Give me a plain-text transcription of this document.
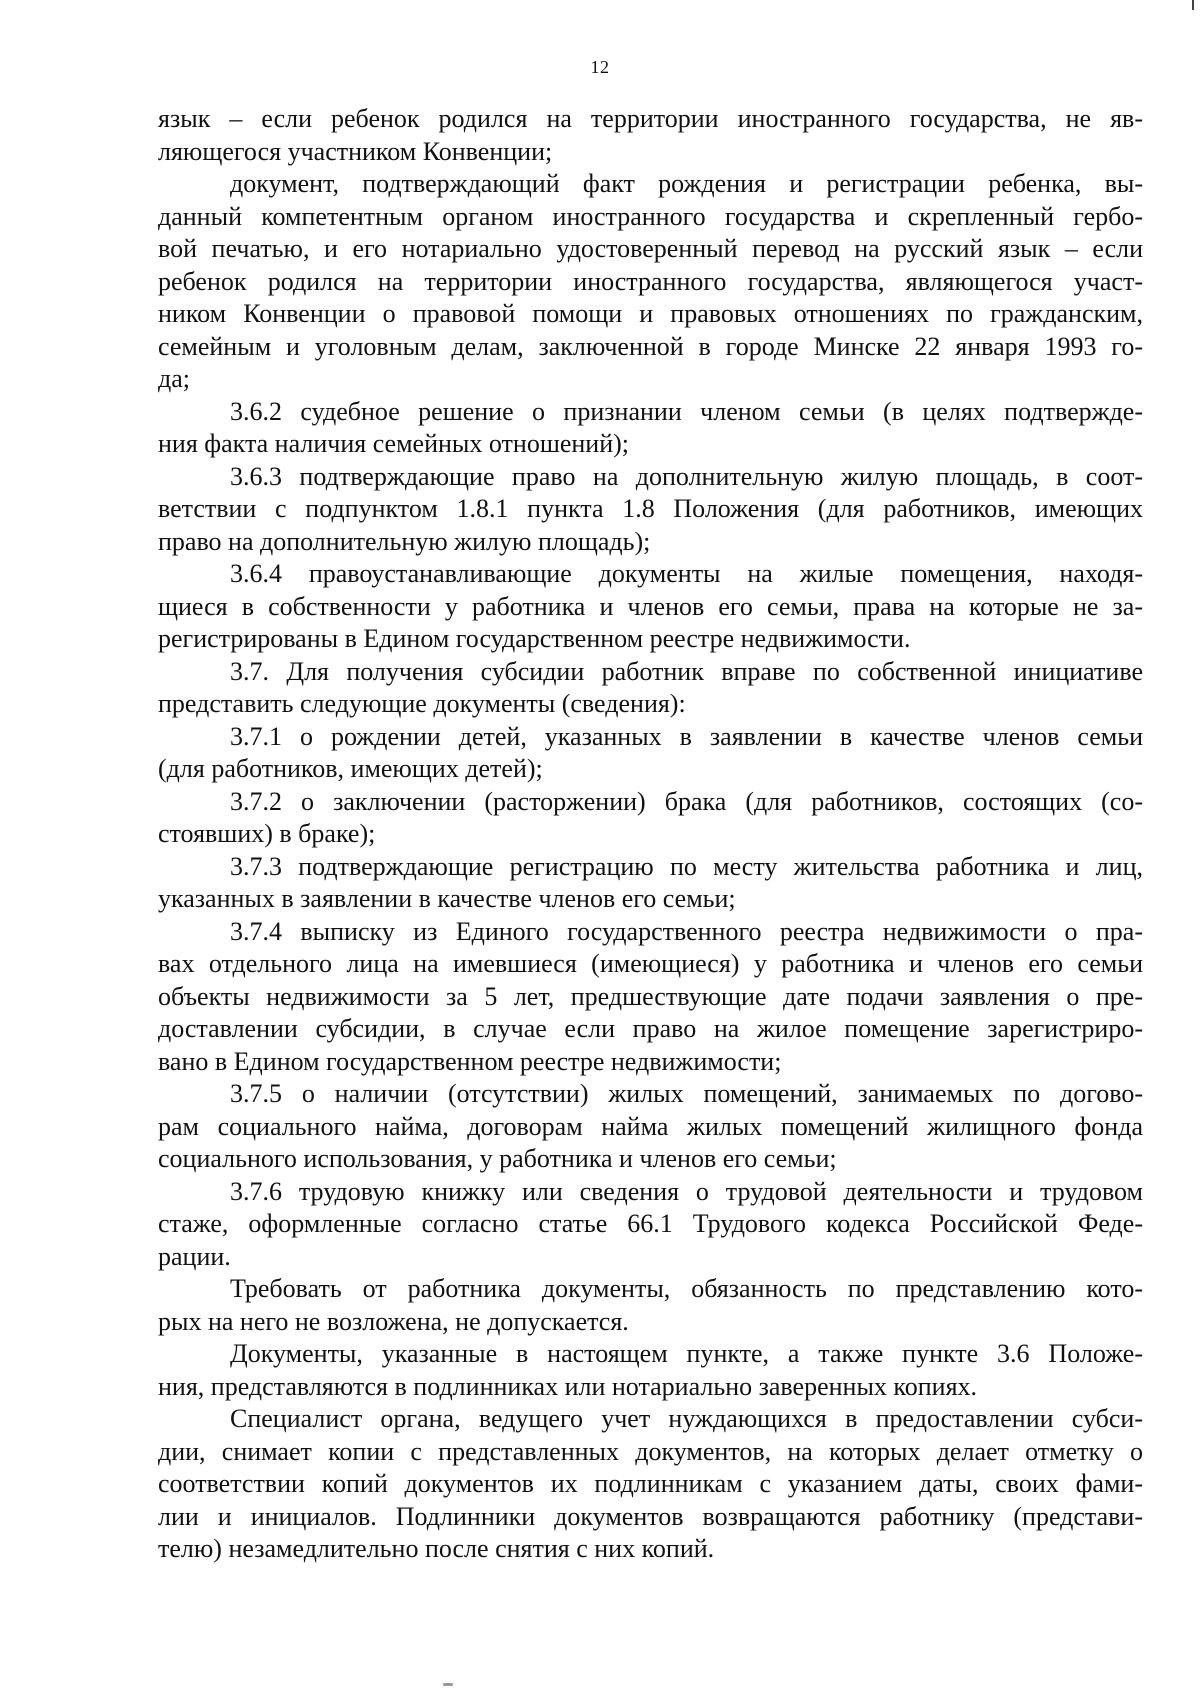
12

язык – если ребенок родился на территории иностранного государства, не яв-
ляющегося участником Конвенции;

документ, подтверждающий факт рождения и регистрации ребенка, вы-
данный компетентным органом иностранного государства и скрепленный гербо-
вой печатью, и его нотариально удостоверенный перевод на русский язык – если
ребенок родился на территории иностранного государства, являющегося участ-
ником Конвенции о правовой помощи и правовых отношениях по гражданским,
семейным и уголовным делам, заключенной в городе Минске 22 января 1993 го-
да;

3.6.2 судебное решение о признании членом семьи (в целях подтвержде-
ния факта наличия семейных отношений);

3.6.3 подтверждающие право на дополнительную жилую площадь, в соот-
ветствии с подпунктом 1.8.1 пункта 1.8 Положения (для работников, имеющих
право на дополнительную жилую площадь);

3.6.4 правоустанавливающие документы на жилые помещения, находя-
щиеся в собственности у работника и членов его семьи, права на которые не за-
регистрированы в Едином государственном реестре недвижимости.

3.7. Для получения субсидии работник вправе по собственной инициативе
представить следующие документы (сведения):

3.7.1 о рождении детей, указанных в заявлении в качестве членов семьи
(для работников, имеющих детей);

3.7.2 о заключении (расторжении) брака (для работников, состоящих (со-
стоявших) в браке);

3.7.3 подтверждающие регистрацию по месту жительства работника и лиц,
указанных в заявлении в качестве членов его семьи;

3.7.4 выписку из Единого государственного реестра недвижимости о пра-
вах отдельного лица на имевшиеся (имеющиеся) у работника и членов его семьи
объекты недвижимости за 5 лет, предшествующие дате подачи заявления о пре-
доставлении субсидии, в случае если право на жилое помещение зарегистриро-
вано в Едином государственном реестре недвижимости;

3.7.5 о наличии (отсутствии) жилых помещений, занимаемых по догово-
рам социального найма, договорам найма жилых помещений жилищного фонда
социального использования, у работника и членов его семьи;

3.7.6 трудовую книжку или сведения о трудовой деятельности и трудовом
стаже, оформленные согласно статье 66.1 Трудового кодекса Российской Феде-
рации.

Требовать от работника документы, обязанность по представлению кото-
рых на него не возложена, не допускается.

Документы, указанные в настоящем пункте, а также пункте 3.6 Положе-
ния, представляются в подлинниках или нотариально заверенных копиях.

Специалист органа, ведущего учет нуждающихся в предоставлении субси-
дии, снимает копии с представленных документов, на которых делает отметку о
соответствии копий документов их подлинникам с указанием даты, своих фами-
лии и инициалов. Подлинники документов возвращаются работнику (представи-
телю) незамедлительно после снятия с них копий.
